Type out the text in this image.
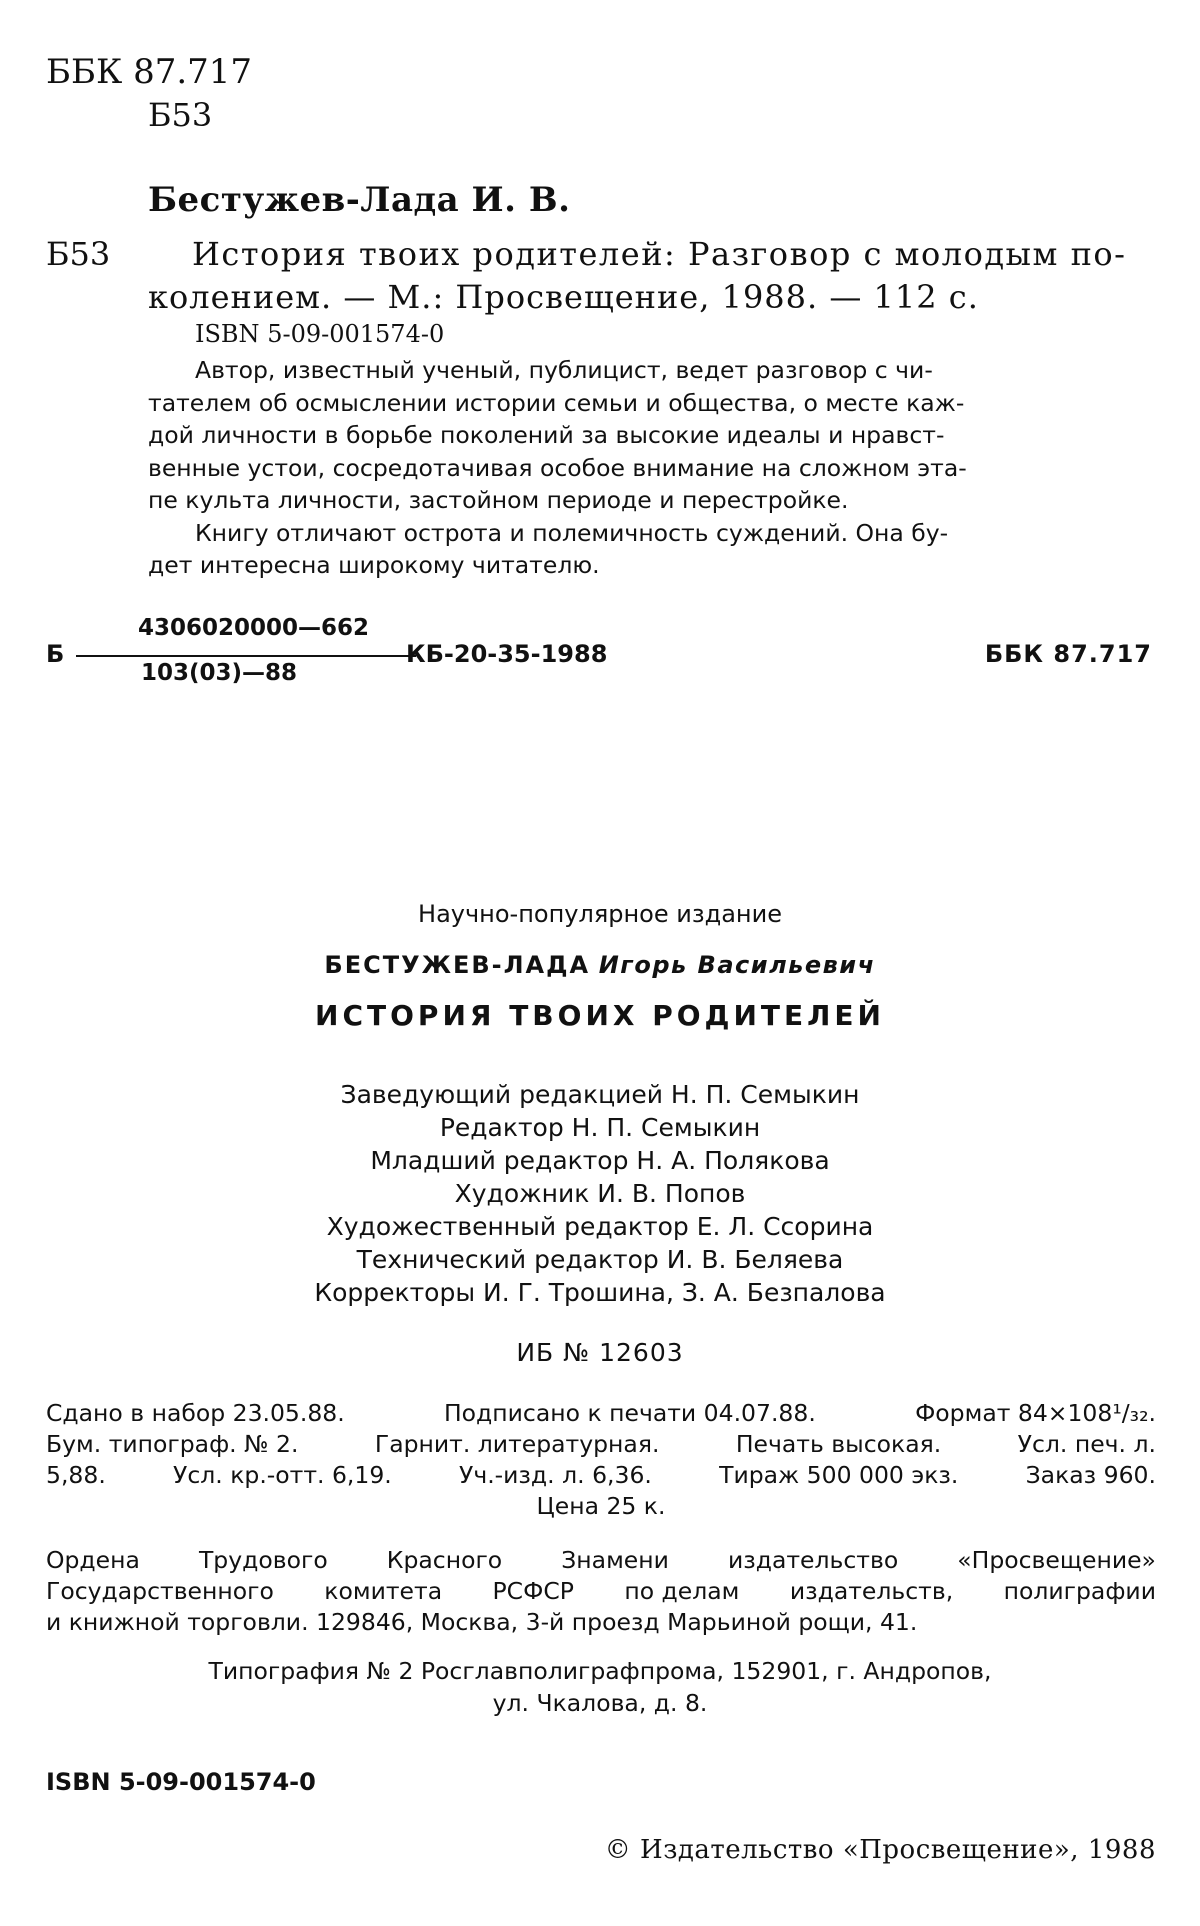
ББК 87.717
Б53
Бестужев-Лада И. В.
Б53	История твоих родителей: Разговор с молодым по-
колением. — М.: Просвещение, 1988. — 112 с.
ISBN 5-09-001574-0
Автор, известный ученый, публицист, ведет разговор с чи-
тателем об осмыслении истории семьи и общества, о месте каж-
дой личности в борьбе поколений за высокие идеалы и нравст-
венные устои, сосредотачивая особое внимание на сложном эта-
пе культа личности, застойном периоде и перестройке.
Книгу отличают острота и полемичность суждений. Она бу-
дет интересна широкому читателю.
Б
4306020000—662
103(03)—88
КБ-20-35-1988	ББК 87.717
Научно-популярное издание
БЕСТУЖЕВ-ЛАДА Игорь Васильевич
ИСТОРИЯ ТВОИХ РОДИТЕЛЕЙ
Заведующий редакцией Н. П. Семыкин
Редактор Н. П. Семыкин
Младший редактор Н. А. Полякова
Художник И. В. Попов
Художественный редактор Е. Л. Ссорина
Технический редактор И. В. Беляева
Корректоры И. Г. Трошина, З. А. Безпалова
ИБ № 12603
Сдано в набор 23.05.88.	Подписано к печати 04.07.88.	Формат 84×108¹/₃₂.
Бум. типограф. № 2.	Гарнит. литературная.	Печать высокая.	Усл. печ. л.
5,88.	Усл. кр.-отт. 6,19.	Уч.-изд. л. 6,36.	Тираж 500 000 экз.	Заказ 960.
Цена 25 к.
Ордена	Трудового	Красного	Знамени	издательство	«Просвещение»
Государственного комитета РСФСР по делам издательств, полиграфии
и книжной торговли. 129846, Москва, 3-й проезд Марьиной рощи, 41.
Типография № 2 Росглавполиграфпрома, 152901, г. Андропов,
ул. Чкалова, д. 8.
ISBN 5-09-001574-0
© Издательство «Просвещение», 1988
